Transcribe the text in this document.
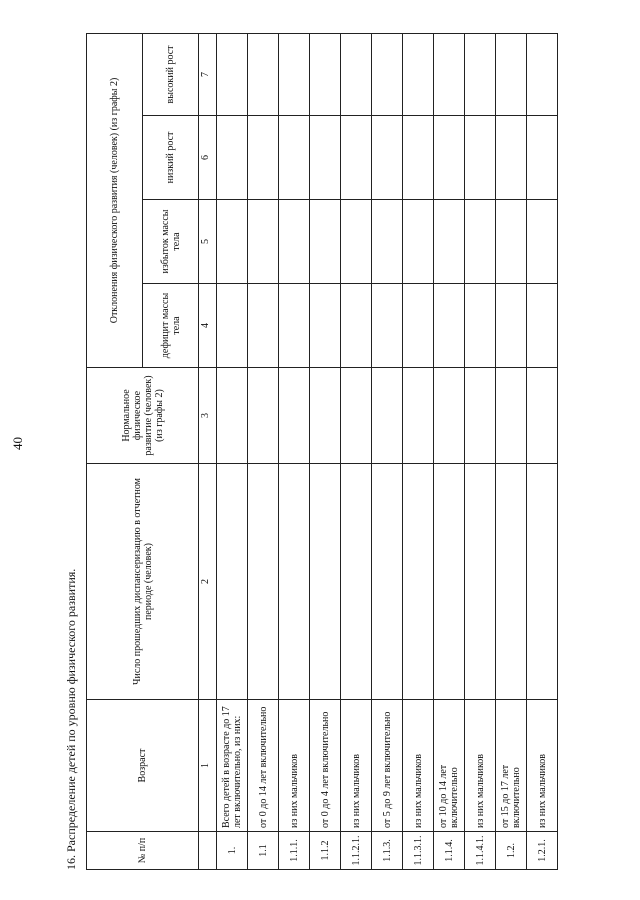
40
16. Распределение детей по уровню физического развития.	№ п/п	Возраст	Число прошедших диспансеризацию в отчетном периоде (человек)	Нормальное физическое развитие (человек) (из графы 2)	Отклонения физического развития (человек) (из графы 2)			
				дефицит массы тела	избыток массы тела	низкий рост	высокий рост
	1	2	3	4	5	6	7
1.	Всего детей в возрасте до 17 лет включительно, из них:						
1.1	от 0 до 14 лет включительно						
1.1.1.	из них мальчиков						
1.1.2	от 0 до 4 лет включительно						
1.1.2.1.	из них мальчиков						
1.1.3.	от 5 до 9 лет включительно						
1.1.3.1.	из них мальчиков						
1.1.4.	от 10 до 14 лет включительно						
1.1.4.1.	из них мальчиков						
1.2.	от 15 до 17 лет включительно						
1.2.1.	из них мальчиков						
